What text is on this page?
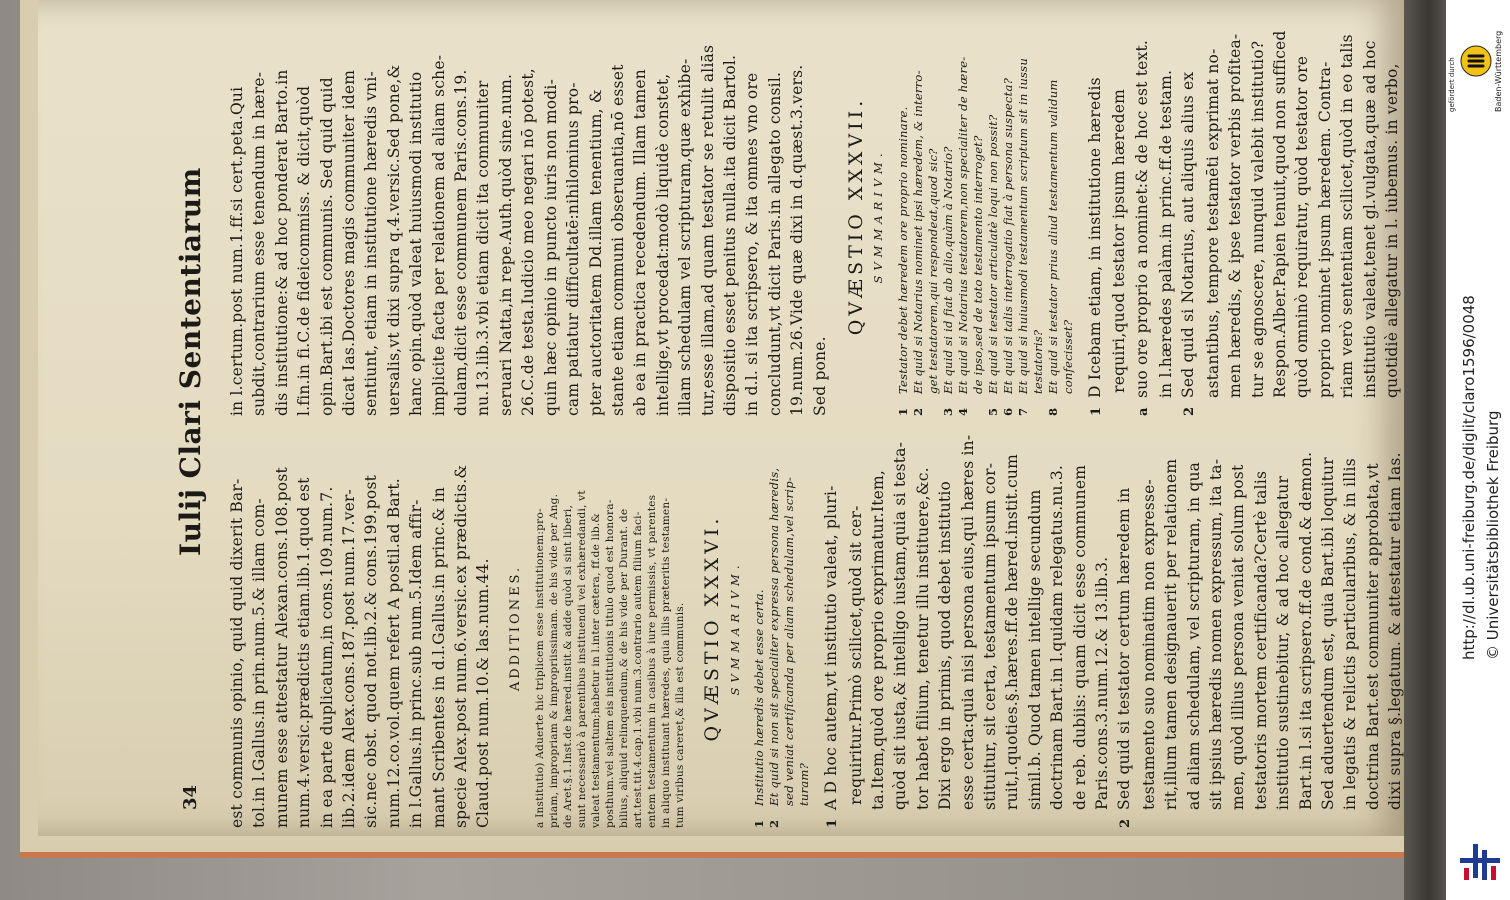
34
Iulij Clari Sententiarum

est communis opinio, quid quid dixerit Bar- tol.in l.Gallus.in prin.num.5.& illam com- munem esse attestatur Alexan.cons.108.post num.4.versic.prædictis etiam.lib.1.quod est in ea parte duplicatum,in cons.109.num.7. lib.2.idem Alex.cons.187.post num.17.ver- sic.nec obst. quod not.lib.2.& cons.199.post num.12.co.vol.quem refert A postil.ad Bart. in l.Gallus.in princ.sub num.5.Idem affir- mant Scribentes in d.l.Gallus.in princ.& in specie Alex.post num.6.versic.ex prædictis.& Claud.post num.10.& las.num.44. ADDITIONES.	a Institutio) Aduerte hic triplicem esse institutionem:pro- priam, impropriam & impropriissimam. de his vide per Ang. de Aret.§.1.Inst.de hæred.instit.& adde quòd si sint liberi, sunt necessariò à parentibus instituendi vel exhæredandi, vt valeat testamentum;habetur in l.inter cætera, ff.de lib.& posthum.vel saltem eis institutionis titulo quod est honora- bilius, aliquid relinquendum,& de his vide per Durant. de art.test.tit.4.cap.1.vbi num.3.contrario autem filium faci- entem testamentum in casibus à iure permissis, vt parentes in aliquo instituant hæredes, quia illis præteritis testamen- tum viribus careret,& illa est communis. QVÆSTIO XXXVI. SVMMARIVM.
1Institutio hæredis debet esse certa.
2Et quid si non sit specialiter expressa persona hæredis, sed veniat certificanda per aliam schedulam,vel scrip- turam?

1A D hoc autem,vt institutio valeat, pluri- requiritur.Primò scilicet,quòd sit cer- ta.Item,quòd ore proprio exprimatur.Item, quòd sit iusta,& intelligo iustam,quia si testa- tor habet filium, tenetur illu instituere,&c. Dixi ergo in primis, quod debet institutio esse certa:quia nisi persona eius,qui hæres in- stituitur, sit certa, testamentum ipsum cor- ruit,l.quoties.§.hæres.ff.de hæred.instit.cum simil.b. Quod tamen intellige secundum doctrinam Bart.in l.quidam relegatus.nu.3. de reb. dubiis: quam dicit esse communem Paris.cons.3.num.12.& 13.lib.3.

2Sed quid si testator certum hæredem in testamento suo nominatim non expresse- rit,illum tamen designauerit per relationem ad aliam schedulam, vel scripturam, in qua sit ipsius hæredis nomen expressum, ita ta- men, quòd illius persona veniat solum post testatoris mortem certificanda?Certè talis institutio sustinebitur, & ad hoc allegatur Bart.in l.si ita scripsero.ff.de cond.& demon. Sed aduertendum est, quia Bart.ibi loquitur in legatis & relictis particularibus, & in illis doctrina Bart.est communiter approbata,vt dixi supra §.legatum. & attestatur etiam Ias.

in l.certum.post num.1.ff.si cert.peta.Qui subdit,contrarium esse tenendum in hære- dis institutione:& ad hoc ponderat Barto.in l.fin.in fi.C.de fideicommiss. & dicit,quòd opin.Bart.ibi est communis. Sed quid quid dicat Ias.Doctores magis communiter idem sentiunt, etiam in institutione hæredis vni- uersalis,vt dixi supra q.4.versic.Sed pone,& hanc opin.quòd valeat huiusmodi institutio implicite facta per relationem ad aliam sche- dulam,dicit esse communem Paris.cons.19. nu.13.lib.3.vbi etiam dicit ita communiter seruari Natta,in repe.Auth.quòd sine.num. 26.C.de testa.Iudicio meo negari nō potest, quin hæc opinio in puncto iuris non modi- cam patiatur difficultatē:nihilominus pro- pter auctoritatem Dd.illam tenentium, & stante etiam communi obseruantia,nō esset ab ea in practica recedendum. Illam tamen intellige,vt procedat:modò liquidè constet, illam schedulam vel scripturam,quæ exhibe- tur,esse illam,ad quam testator se retulit aliās dispositio esset penitus nulla.ita dicit Bartol. in d.l. si ita scripsero, & ita omnes vno ore concludunt,vt dicit Paris.in allegato consil. 19.num.26.Vide quæ dixi in d.quæst.3.vers. Sed pone.

QVÆSTIO XXXVII. SVMMARIVM.
1Testator debet hæredem ore proprio nominare.
2Et quid si Notarius nominet ipsi hæredem, & interro- get testatorem,qui respondeat,quod sic?
3Et quid si id fiat ab alio,quàm à Notario?
4Et quid si Notarius testatorem,non specialiter de hære- de ipso,sed de toto testamento interroget?
5Et quid si testator articulatè loqui non possit?
6Et quid si talis interrogatio fiat à persona suspecta?
7Et quid si huiusmodi testamentum scriptum sit in iussu testatoris?
8Et quid si testator prius aliud testamentum validum confecisset?

1D Icebam etiam, in institutione hæredis requiri,quod testator ipsum hæredem

asuo ore proprio a nominet:& de hoc est text. in l.hæredes palàm.in princ.ff.de testam.

2Sed quid si Notarius, aut aliquis alius ex astantibus, tempore testamēti exprimat no- men hæredis, & ipse testator verbis profitea- tur se agnoscere, nunquid valebit institutio? Respon.Alber.Papien tenuit,quod non sufficed quòd omninò requiratur, quòd testator ore proprio nominet ipsum hæredem. Contra- riam verò sententiam scilicet,quòd in eo talis institutio valeat,tenet gl.vulgata,quæ ad hoc quotidiè allegatur in l. iubemus. in verbo,	gefördert durch	Baden-Württemberg
http://dl.ub.uni-freiburg.de/diglit/claro1596/0048 © Universitätsbibliothek Freiburg
